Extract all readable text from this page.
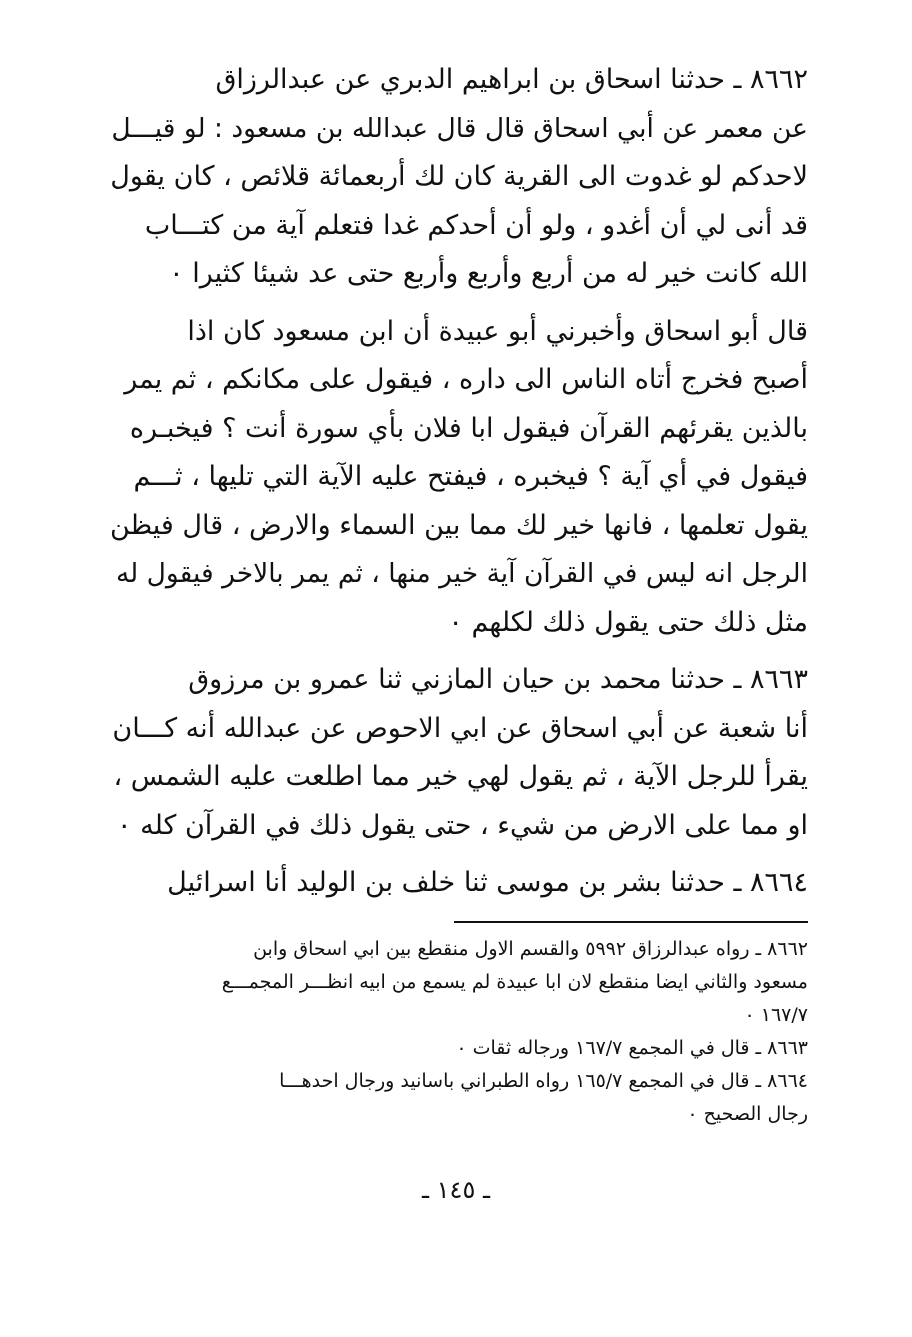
٨٦٦٢ ـ حدثنا اسحاق بن ابراهيم الدبري عن عبدالرزاق
عن معمر عن أبي اسحاق قال قال عبدالله بن مسعود : لو قيـــل
لاحدكم لو غدوت الى القرية كان لك أربعمائة قلائص ، كان يقول
قد أنى لي أن أغدو ، ولو أن أحدكم غدا فتعلم آية من كتـــاب
الله كانت خير له من أربع وأربع وأربع حتى عد شيئا كثيرا ٠

قال أبو اسحاق وأخبرني أبو عبيدة أن ابن مسعود كان اذا
أصبح فخرج أتاه الناس الى داره ، فيقول على مكانكم ، ثم يمر
بالذين يقرئهم القرآن فيقول ابا فلان بأي سورة أنت ؟ فيخبـره
فيقول في أي آية ؟ فيخبره ، فيفتح عليه الآية التي تليها ، ثـــم
يقول تعلمها ، فانها خير لك مما بين السماء والارض ، قال فيظن
الرجل انه ليس في القرآن آية خير منها ، ثم يمر بالاخر فيقول له
مثل ذلك حتى يقول ذلك لكلهم ٠

٨٦٦٣ ـ حدثنا محمد بن حيان المازني ثنا عمرو بن مرزوق
أنا شعبة عن أبي اسحاق عن ابي الاحوص عن عبدالله أنه كـــان
يقرأ للرجل الآية ، ثم يقول لهي خير مما اطلعت عليه الشمس ،
او مما على الارض من شيء ، حتى يقول ذلك في القرآن كله ٠

٨٦٦٤ ـ حدثنا بشر بن موسى ثنا خلف بن الوليد أنا اسرائيل

٨٦٦٢ ـ رواه عبدالرزاق ٥٩٩٢ والقسم الاول منقطع بين ابي اسحاق وابن
مسعود والثاني ايضا منقطع لان ابا عبيدة لم يسمع من ابيه انظـــر المجمـــع
١٦٧/٧ ٠

٨٦٦٣ ـ قال في المجمع ١٦٧/٧ ورجاله ثقات ٠

٨٦٦٤ ـ قال في المجمع ١٦٥/٧ رواه الطبراني باسانيد ورجال احدهـــا
رجال الصحيح ٠

ـ ١٤٥ ـ
